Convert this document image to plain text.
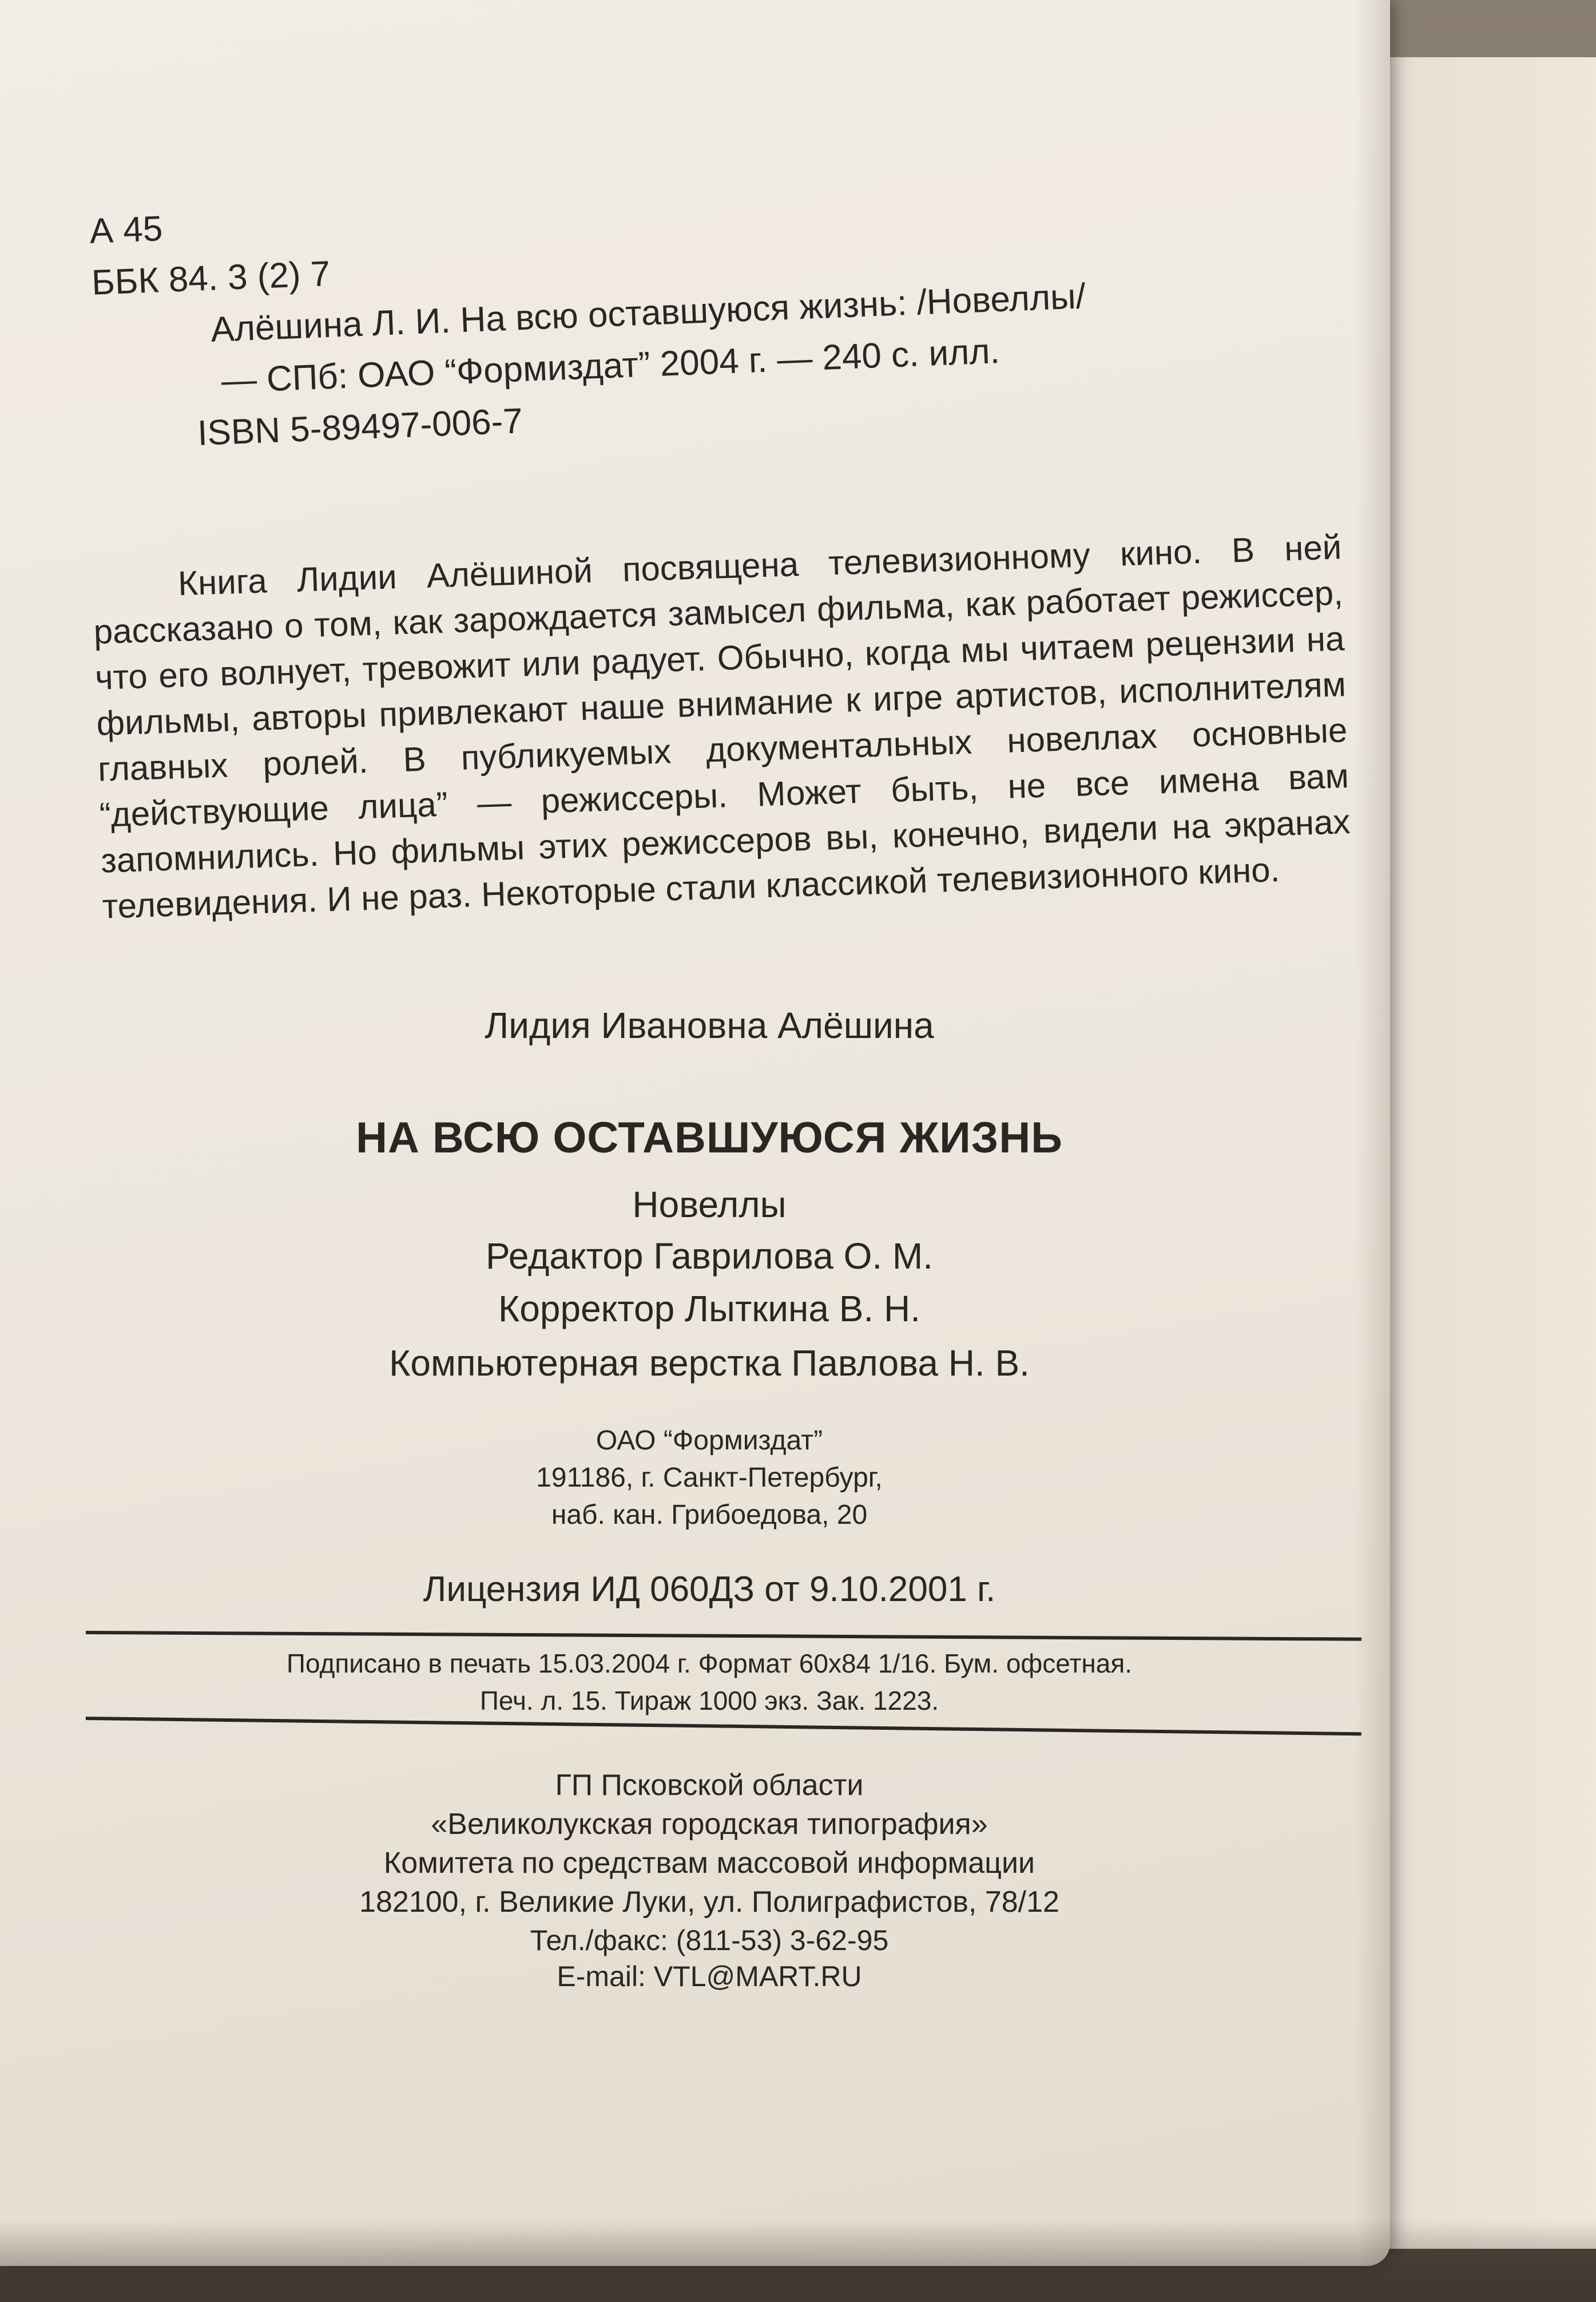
А 45
ББК 84. 3 (2) 7
Алёшина Л. И. На всю оставшуюся жизнь: /Новеллы/
— СПб: ОАО “Формиздат” 2004 г. — 240 с. илл.
ISBN 5-89497-006-7
Книга Лидии Алёшиной посвящена телевизионному кино. В ней рассказано о том, как зарождается замысел фильма, как работает режиссер, что его волнует, тревожит или радует. Обычно, когда мы читаем рецензии на фильмы, авторы привлекают наше внимание к игре артистов, исполнителям главных ролей. В публикуемых документальных новеллах основные “действующие лица” — режиссеры. Может быть, не все имена вам запомнились. Но фильмы этих режиссеров вы, конечно, видели на экранах телевидения. И не раз. Некоторые стали классикой телевизионного кино.
Лидия Ивановна Алёшина
НА ВСЮ ОСТАВШУЮСЯ ЖИЗНЬ
Новеллы
Редактор Гаврилова О. М.
Корректор Лыткина В. Н.
Компьютерная верстка Павлова Н. В.
ОАО “Формиздат”
191186, г. Санкт-Петербург,
наб. кан. Грибоедова, 20
Лицензия ИД 060ДЗ от 9.10.2001 г.
Подписано в печать 15.03.2004 г. Формат 60х84 1/16. Бум. офсетная.
Печ. л. 15. Тираж 1000 экз. Зак. 1223.
ГП Псковской области
«Великолукская городская типография»
Комитета по средствам массовой информации
182100, г. Великие Луки, ул. Полиграфистов, 78/12
Тел./факс: (811-53) 3-62-95
E-mail: VTL@MART.RU
